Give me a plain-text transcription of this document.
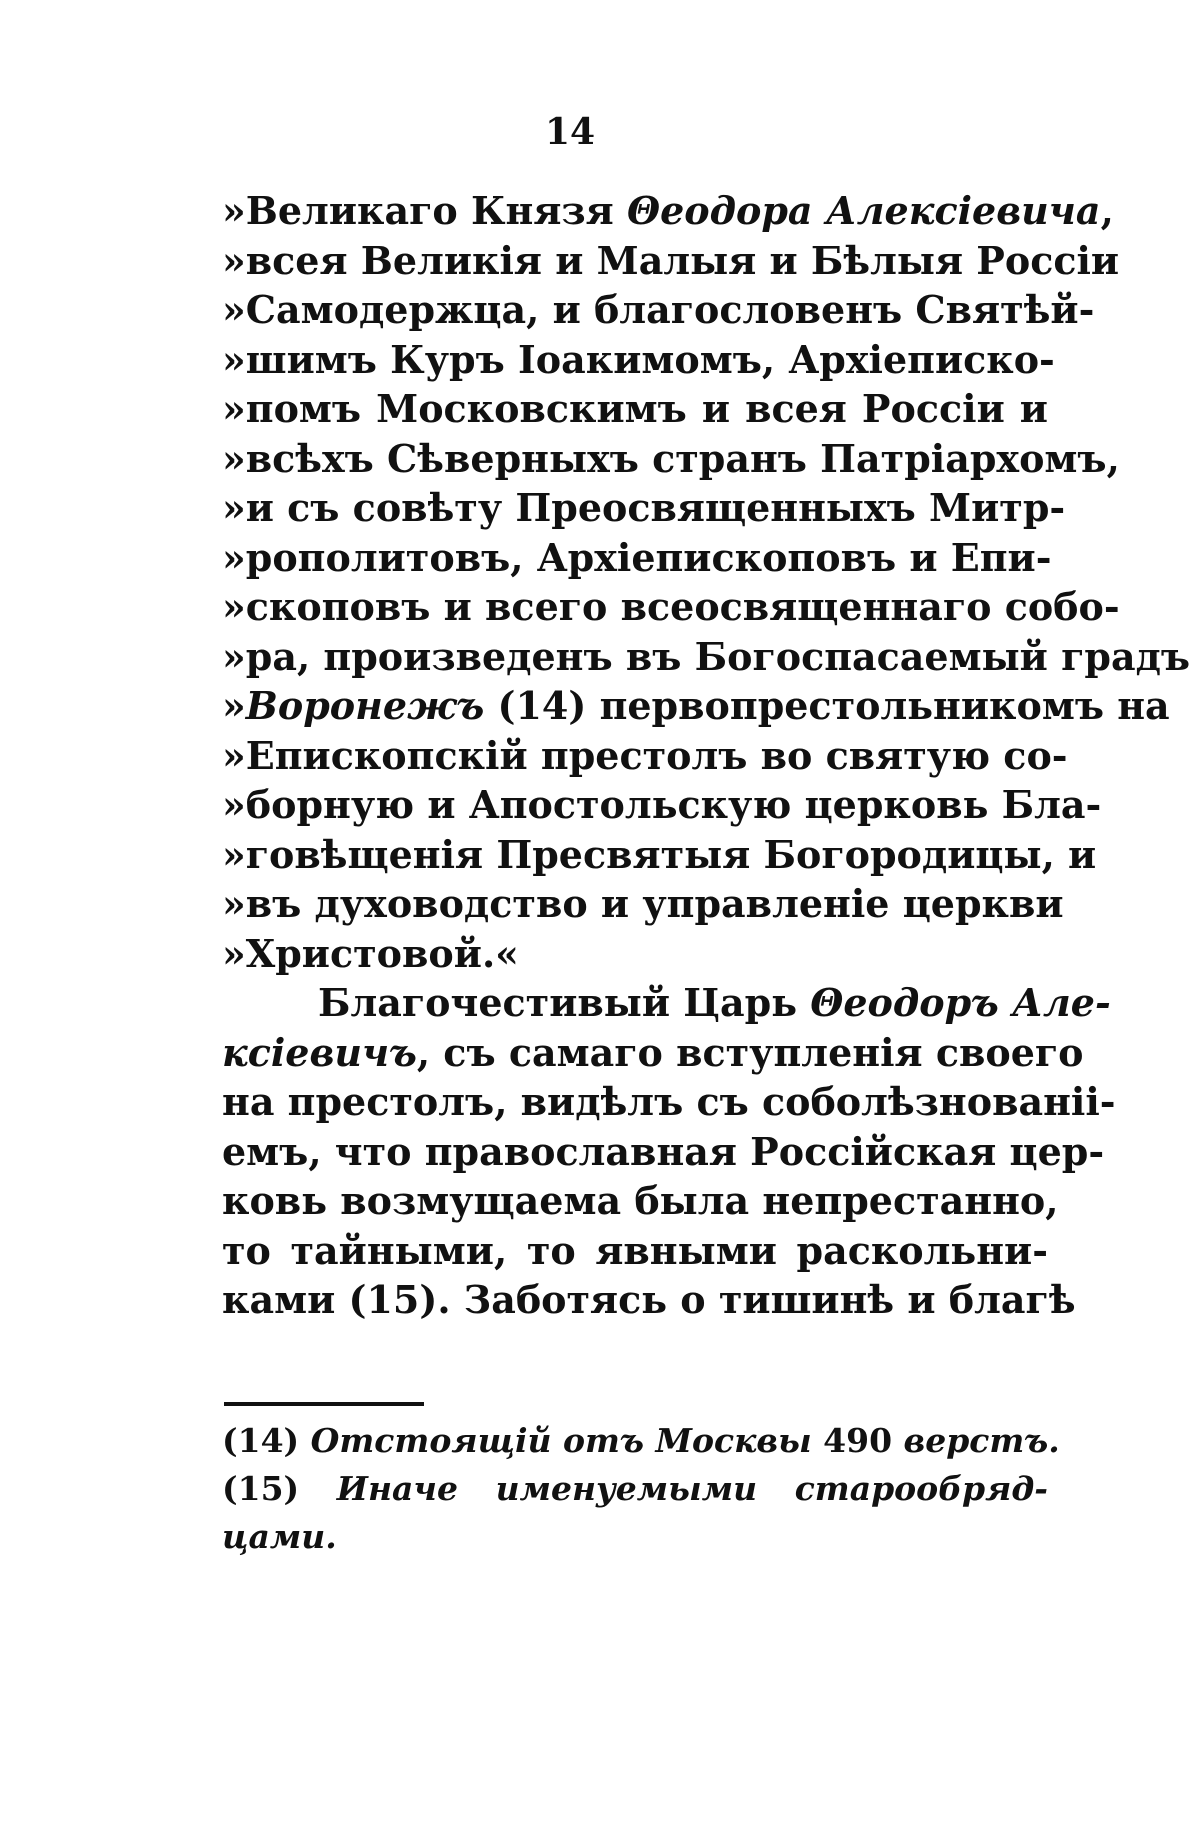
14
»Великаго Князя Θеодора Алексіевича,
»всея Великія и Малыя и Бѣлыя Россіи
»Самодержца, и благословенъ Святѣй-
»шимъ Куръ Іоакимомъ, Архіеписко-
»помъ Московскимъ и всея Россіи и
»всѣхъ Сѣверныхъ странъ Патріархомъ,
»и съ совѣту Преосвященныхъ Митр-
»рополитовъ, Архіепископовъ и Епи-
»скоповъ и всего всеосвященнаго собо-
»ра, произведенъ въ Богоспасаемый градъ
»Воронежъ (14) первопрестольникомъ на
»Епископскій престолъ во святую со-
»борную и Апостольскую церковь Бла-
»говѣщенія Пресвятыя Богородицы, и
»въ духоводство и управленіе церкви
»Христовой.«
Благочестивый Царь Θеодоръ Але-
ксіевичъ, съ самаго вступленія своего
на престолъ, видѣлъ съ соболѣзнованіі-
емъ, что православная Россійская цер-
ковь возмущаема была непрестанно,
то тайными, то явными раскольни-
ками (15). Заботясь о тишинѣ и благѣ
(14) Отстоящій отъ Москвы 490 верстъ.
(15) Иначе именуемыми старообряд-
цами.
